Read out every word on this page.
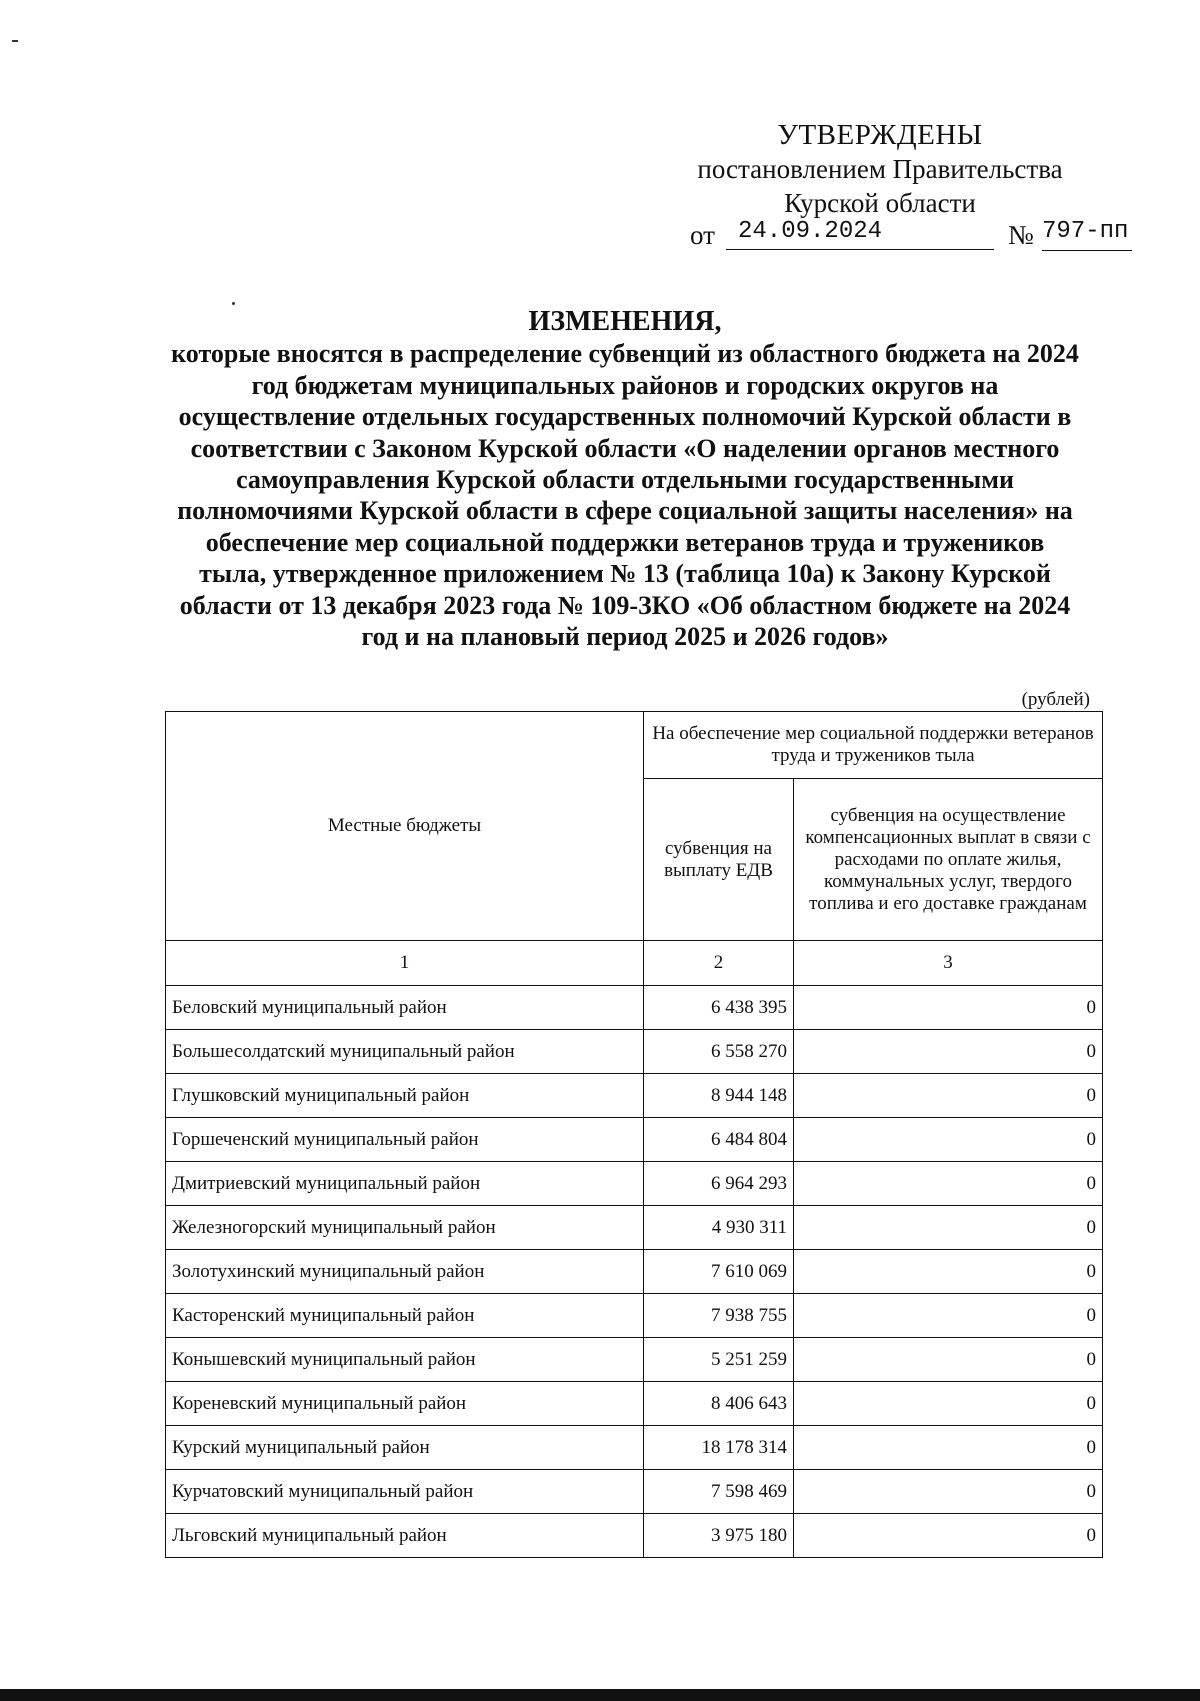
УТВЕРЖДЕНЫ
постановлением Правительства
Курской области
от 24.09.2024	№ 797-пп
ИЗМЕНЕНИЯ,
которые вносятся в распределение субвенций из областного бюджета на 2024 год бюджетам муниципальных районов и городских округов на осуществление отдельных государственных полномочий Курской области в соответствии с Законом Курской области «О наделении органов местного самоуправления Курской области отдельными государственными полномочиями Курской области в сфере социальной защиты населения» на обеспечение мер социальной поддержки ветеранов труда и тружеников тыла, утвержденное приложением № 13 (таблица 10а) к Закону Курской области от 13 декабря 2023 года № 109-ЗКО «Об областном бюджете на 2024 год и на плановый период 2025 и 2026 годов»
(рублей)
Местные бюджеты	На обеспечение мер социальной поддержки ветеранов труда и тружеников тыла	
	субвенция на выплату ЕДВ	субвенция на осуществление компенсационных выплат в связи с расходами по оплате жилья, коммунальных услуг, твердого топлива и его доставке гражданам
1	2	3
Беловский муниципальный район	6 438 395	0
Большесолдатский муниципальный район	6 558 270	0
Глушковский муниципальный район	8 944 148	0
Горшеченский муниципальный район	6 484 804	0
Дмитриевский муниципальный район	6 964 293	0
Железногорский муниципальный район	4 930 311	0
Золотухинский муниципальный район	7 610 069	0
Касторенский муниципальный район	7 938 755	0
Конышевский муниципальный район	5 251 259	0
Кореневский муниципальный район	8 406 643	0
Курский муниципальный район	18 178 314	0
Курчатовский муниципальный район	7 598 469	0
Льговский муниципальный район	3 975 180	0
